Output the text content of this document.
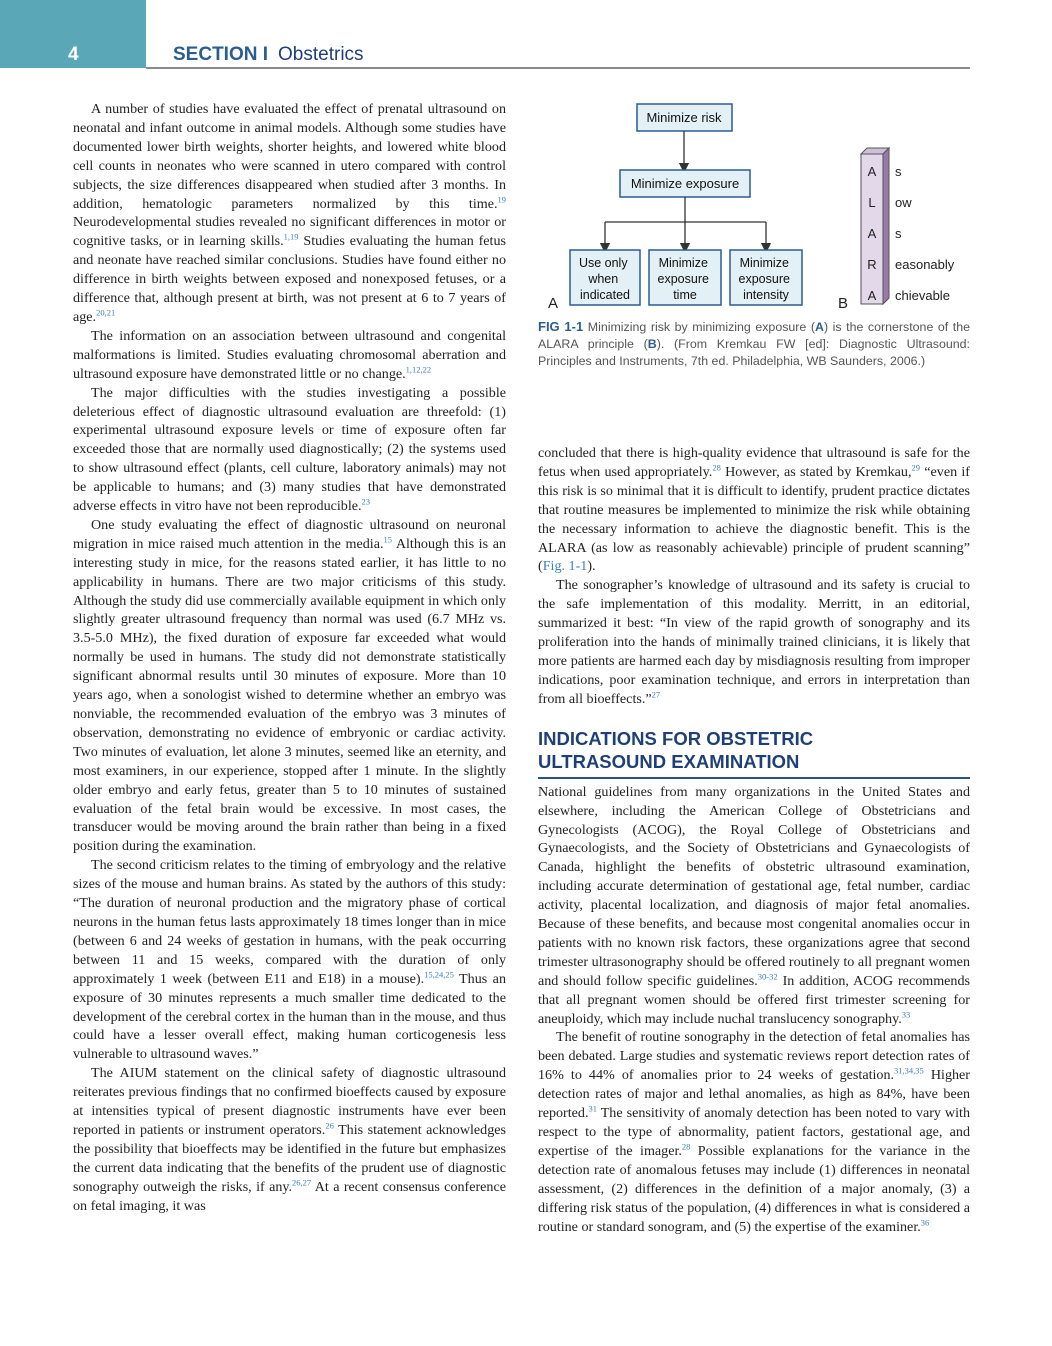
4	SECTION I Obstetrics

A number of studies have evaluated the effect of prenatal ultrasound on neonatal and infant outcome in animal models. Although some studies have documented lower birth weights, shorter heights, and lowered white blood cell counts in neonates who were scanned in utero compared with control subjects, the size differences disappeared when studied after 3 months. In addition, hematologic parameters normalized by this time.$^{19}$ Neurodevelopmental studies revealed no significant differences in motor or cognitive tasks, or in learning skills.$^{1,19}$ Studies evaluating the human fetus and neonate have reached similar conclusions. Studies have found either no difference in birth weights between exposed and nonexposed fetuses, or a difference that, although present at birth, was not present at 6 to 7 years of age.$^{20,21}$

The information on an association between ultrasound and congenital malformations is limited. Studies evaluating chromosomal aberration and ultrasound exposure have demonstrated little or no change.$^{1,12,22}$

The major difficulties with the studies investigating a possible deleterious effect of diagnostic ultrasound evaluation are threefold: (1) experimental ultrasound exposure levels or time of exposure often far exceeded those that are normally used diagnostically; (2) the systems used to show ultrasound effect (plants, cell culture, laboratory animals) may not be applicable to humans; and (3) many studies that have demonstrated adverse effects in vitro have not been reproducible.$^{23}$

One study evaluating the effect of diagnostic ultrasound on neuronal migration in mice raised much attention in the media.$^{15}$ Although this is an interesting study in mice, for the reasons stated earlier, it has little to no applicability in humans. There are two major criticisms of this study. Although the study did use commercially available equipment in which only slightly greater ultrasound frequency than normal was used (6.7 MHz vs. 3.5-5.0 MHz), the fixed duration of exposure far exceeded what would normally be used in humans. The study did not demonstrate statistically significant abnormal results until 30 minutes of exposure. More than 10 years ago, when a sonologist wished to determine whether an embryo was nonviable, the recommended evaluation of the embryo was 3 minutes of observation, demonstrating no evidence of embryonic or cardiac activity. Two minutes of evaluation, let alone 3 minutes, seemed like an eternity, and most examiners, in our experience, stopped after 1 minute. In the slightly older embryo and early fetus, greater than 5 to 10 minutes of sustained evaluation of the fetal brain would be excessive. In most cases, the transducer would be moving around the brain rather than being in a fixed position during the examination.

The second criticism relates to the timing of embryology and the relative sizes of the mouse and human brains. As stated by the authors of this study: “The duration of neuronal production and the migratory phase of cortical neurons in the human fetus lasts approximately 18 times longer than in mice (between 6 and 24 weeks of gestation in humans, with the peak occurring between 11 and 15 weeks, compared with the duration of only approximately 1 week (between E11 and E18) in a mouse).$^{15,24,25}$ Thus an exposure of 30 minutes represents a much smaller time dedicated to the development of the cerebral cortex in the human than in the mouse, and thus could have a lesser overall effect, making human corticogenesis less vulnerable to ultrasound waves.”

The AIUM statement on the clinical safety of diagnostic ultrasound reiterates previous findings that no confirmed bioeffects caused by exposure at intensities typical of present diagnostic instruments have ever been reported in patients or instrument operators.$^{26}$ This statement acknowledges the possibility that bioeffects may be identified in the future but emphasizes the current data indicating that the benefits of the prudent use of diagnostic sonography outweigh the risks, if any.$^{26,27}$ At a recent consensus conference on fetal imaging, it was

Minimize risk
Minimize exposure
Use only when indicated
Minimize exposure time
Minimize exposure intensity
A	B
A s
L ow
A s
R easonably
A chievable
FIG 1-1 Minimizing risk by minimizing exposure (A) is the cornerstone of the ALARA principle (B). (From Kremkau FW [ed]: Diagnostic Ultrasound: Principles and Instruments, 7th ed. Philadelphia, WB Saunders, 2006.)

concluded that there is high-quality evidence that ultrasound is safe for the fetus when used appropriately.$^{28}$ However, as stated by Kremkau,$^{29}$ “even if this risk is so minimal that it is difficult to identify, prudent practice dictates that routine measures be implemented to minimize the risk while obtaining the necessary information to achieve the diagnostic benefit. This is the ALARA (as low as reasonably achievable) principle of prudent scanning” (Fig. 1-1).

The sonographer’s knowledge of ultrasound and its safety is crucial to the safe implementation of this modality. Merritt, in an editorial, summarized it best: “In view of the rapid growth of sonography and its proliferation into the hands of minimally trained clinicians, it is likely that more patients are harmed each day by misdiagnosis resulting from improper indications, poor examination technique, and errors in interpretation than from all bioeffects.”$^{27}$

INDICATIONS FOR OBSTETRIC
ULTRASOUND EXAMINATION

National guidelines from many organizations in the United States and elsewhere, including the American College of Obstetricians and Gynecologists (ACOG), the Royal College of Obstetricians and Gynaecologists, and the Society of Obstetricians and Gynaecologists of Canada, highlight the benefits of obstetric ultrasound examination, including accurate determination of gestational age, fetal number, cardiac activity, placental localization, and diagnosis of major fetal anomalies. Because of these benefits, and because most congenital anomalies occur in patients with no known risk factors, these organizations agree that second trimester ultrasonography should be offered routinely to all pregnant women and should follow specific guidelines.$^{30-32}$ In addition, ACOG recommends that all pregnant women should be offered first trimester screening for aneuploidy, which may include nuchal translucency sonography.$^{33}$

The benefit of routine sonography in the detection of fetal anomalies has been debated. Large studies and systematic reviews report detection rates of 16% to 44% of anomalies prior to 24 weeks of gestation.$^{31,34,35}$ Higher detection rates of major and lethal anomalies, as high as 84%, have been reported.$^{31}$ The sensitivity of anomaly detection has been noted to vary with respect to the type of abnormality, patient factors, gestational age, and expertise of the imager.$^{28}$ Possible explanations for the variance in the detection rate of anomalous fetuses may include (1) differences in neonatal assessment, (2) differences in the definition of a major anomaly, (3) a differing risk status of the population, (4) differences in what is considered a routine or standard sonogram, and (5) the expertise of the examiner.$^{36}$
